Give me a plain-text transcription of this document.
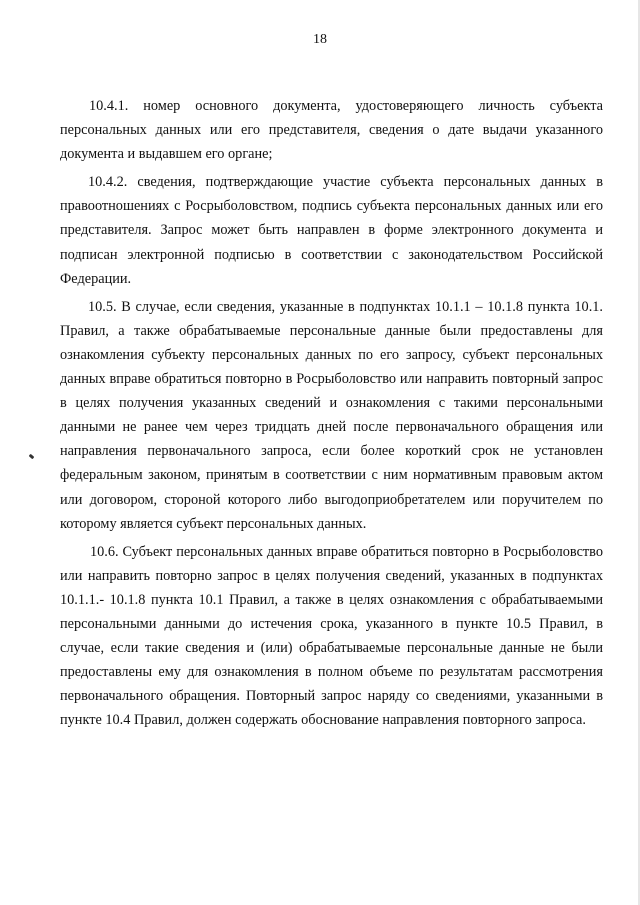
18

10.4.1. номер основного документа, удостоверяющего личность субъекта персональных данных или его представителя, сведения о дате выдачи указанного документа и выдавшем его органе;

10.4.2. сведения, подтверждающие участие субъекта персональных данных в правоотношениях с Росрыболовством, подпись субъекта персональных данных или его представителя. Запрос может быть направлен в форме электронного документа и подписан электронной подписью в соответствии с законодательством Российской Федерации.

10.5. В случае, если сведения, указанные в подпунктах 10.1.1 – 10.1.8 пункта 10.1. Правил, а также обрабатываемые персональные данные были предоставлены для ознакомления субъекту персональных данных по его запросу, субъект персональных данных вправе обратиться повторно в Росрыболовство или направить повторный запрос в целях получения указанных сведений и ознакомления с такими персональными данными не ранее чем через тридцать дней после первоначального обращения или направления первоначального запроса, если более короткий срок не установлен федеральным законом, принятым в соответствии с ним нормативным правовым актом или договором, стороной которого либо выгодоприобретателем или поручителем по которому является субъект персональных данных.

10.6. Субъект персональных данных вправе обратиться повторно в Росрыболовство или направить повторно запрос в целях получения сведений, указанных в подпунктах 10.1.1.- 10.1.8 пункта 10.1 Правил, а также в целях ознакомления с обрабатываемыми персональными данными до истечения срока, указанного в пункте 10.5 Правил, в случае, если такие сведения и (или) обрабатываемые персональные данные не были предоставлены ему для ознакомления в полном объеме по результатам рассмотрения первоначального обращения. Повторный запрос наряду со сведениями, указанными в пункте 10.4 Правил, должен содержать обоснование направления повторного запроса.
